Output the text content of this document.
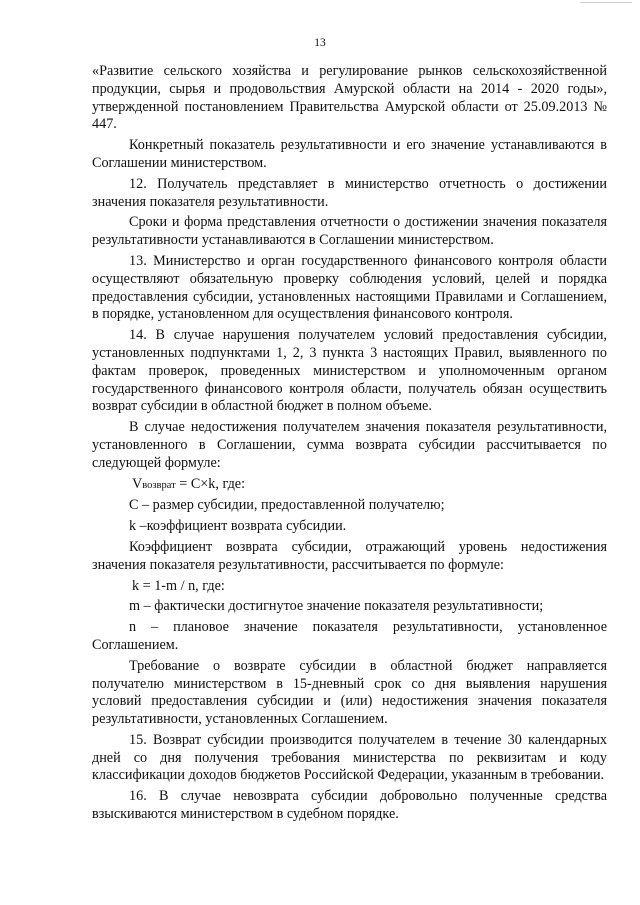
13

«Развитие сельского хозяйства и регулирование рынков сельскохозяйственной продукции, сырья и продовольствия Амурской области на 2014 - 2020 годы», утвержденной постановлением Правительства Амурской области от 25.09.2013 № 447.

Конкретный показатель результативности и его значение устанавливаются в Соглашении министерством.

12. Получатель представляет в министерство отчетность о достижении значения показателя результативности.

Сроки и форма представления отчетности о достижении значения показателя результативности устанавливаются в Соглашении министерством.

13. Министерство и орган государственного финансового контроля области осуществляют обязательную проверку соблюдения условий, целей и порядка предоставления субсидии, установленных настоящими Правилами и Соглашением, в порядке, установленном для осуществления финансового контроля.

14. В случае нарушения получателем условий предоставления субсидии, установленных подпунктами 1, 2, 3 пункта 3 настоящих Правил, выявленного по фактам проверок, проведенных министерством и уполномоченным органом государственного финансового контроля области, получатель обязан осуществить возврат субсидии в областной бюджет в полном объеме.

В случае недостижения получателем значения показателя результативности, установленного в Соглашении, сумма возврата субсидии рассчитывается по следующей формуле:

Vвозврат = C×k, где:

C – размер субсидии, предоставленной получателю;

k –коэффициент возврата субсидии.

Коэффициент возврата субсидии, отражающий уровень недостижения значения показателя результативности, рассчитывается по формуле:

k = 1-m / n, где:

m – фактически достигнутое значение показателя результативности;

n – плановое значение показателя результативности, установленное Соглашением.

Требование о возврате субсидии в областной бюджет направляется получателю министерством в 15-дневный срок со дня выявления нарушения условий предоставления субсидии и (или) недостижения значения показателя результативности, установленных Соглашением.

15. Возврат субсидии производится получателем в течение 30 календарных дней со дня получения требования министерства по реквизитам и коду классификации доходов бюджетов Российской Федерации, указанным в требовании.

16. В случае невозврата субсидии добровольно полученные средства взыскиваются министерством в судебном порядке.
